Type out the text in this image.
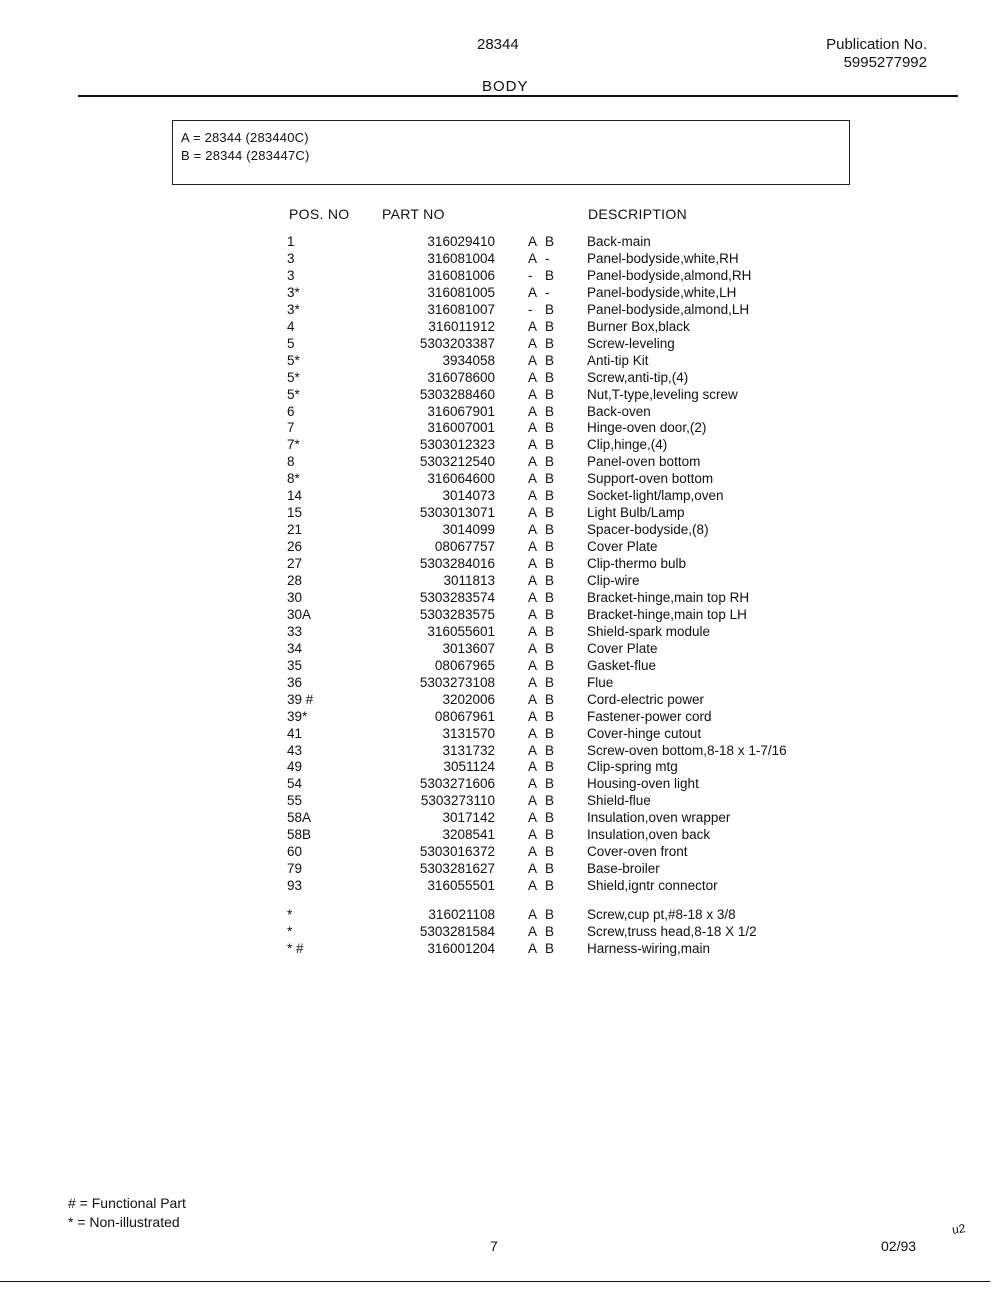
28344	Publication No.
5995277992
BODY
A = 28344 (283440C)
B = 28344 (283447C)
POS. NO PART NO	DESCRIPTION
1	316029410 A B Back-main
3	316081004 A -	Panel-bodyside,white,RH
3	316081006 - B Panel-bodyside,almond,RH
3*	316081005 A -	Panel-bodyside,white,LH
3*	316081007 - B Panel-bodyside,almond,LH
4	316011912 A B Burner Box,black
5	5303203387 A B Screw-leveling
5*	3934058 A B Anti-tip Kit
5*	316078600 A B Screw,anti-tip,(4)
5*	5303288460 A B Nut,T-type,leveling screw
6	316067901 A B Back-oven
7	316007001 A B Hinge-oven door,(2)
7*	5303012323 A B Clip,hinge,(4)
8	5303212540 A B Panel-oven bottom
8*	316064600 A B Support-oven bottom
14	3014073 A B Socket-light/lamp,oven
15	5303013071 A B Light Bulb/Lamp
21	3014099 A B Spacer-bodyside,(8)
26	08067757 A B Cover Plate
27	5303284016 A B Clip-thermo bulb
28	3011813 A B Clip-wire
30	5303283574 A B Bracket-hinge,main top RH
30A	5303283575 A B Bracket-hinge,main top LH
33	316055601 A B Shield-spark module
34	3013607 A B Cover Plate
35	08067965 A B Gasket-flue
36	5303273108 A B Flue
39 #	3202006 A B Cord-electric power
39*	08067961 A B Fastener-power cord
41	3131570 A B Cover-hinge cutout
43	3131732 A B Screw-oven bottom,8-18 x 1-7/16
49	3051124 A B Clip-spring mtg
54	5303271606 A B Housing-oven light
55	5303273110 A B Shield-flue
58A	3017142 A B Insulation,oven wrapper
58B	3208541 A B Insulation,oven back
60	5303016372 A B Cover-oven front
79	5303281627 A B Base-broiler
93	316055501 A B Shield,igntr connector
*	316021108 A B Screw,cup pt,#8-18 x 3/8
*	5303281584 A B Screw,truss head,8-18 X 1/2
* #	316001204 A B Harness-wiring,main
# = Functional Part
* = Non-illustrated
7	02/93
u2
